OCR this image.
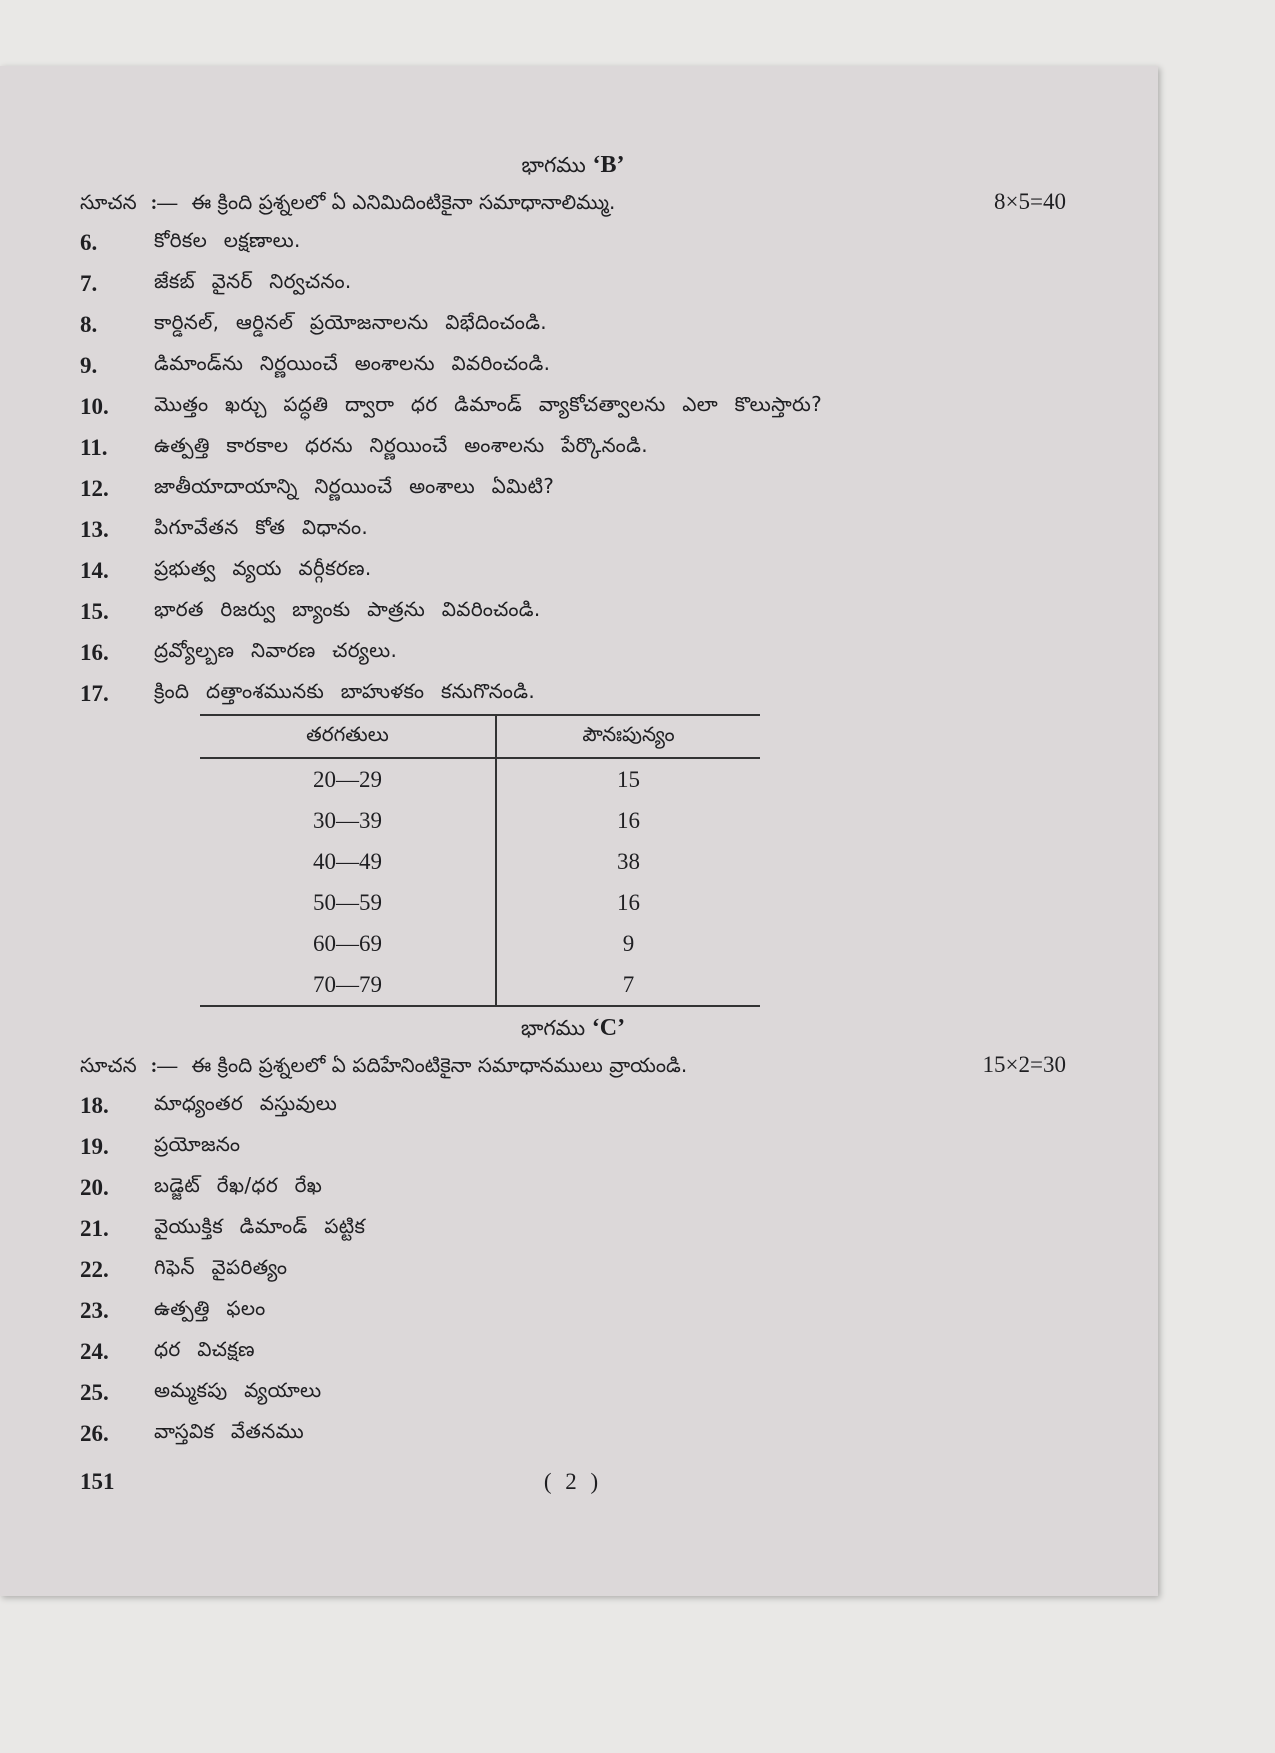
భాగము ‘B’
సూచన :— ఈ క్రింది ప్రశ్నలలో ఏ ఎనిమిదింటికైనా సమాధానాలిమ్ము.	8×5=40
6.	కోరికల లక్షణాలు.
7.	జేకబ్ వైనర్ నిర్వచనం.
8.	కార్డినల్, ఆర్డినల్ ప్రయోజనాలను విభేదించండి.
9.	డిమాండ్‌ను నిర్ణయించే అంశాలను వివరించండి.
10.	మొత్తం ఖర్చు పద్ధతి ద్వారా ధర డిమాండ్ వ్యాకోచత్వాలను ఎలా కొలుస్తారు?
11.	ఉత్పత్తి కారకాల ధరను నిర్ణయించే అంశాలను పేర్కొనండి.
12.	జాతీయాదాయాన్ని నిర్ణయించే అంశాలు ఏమిటి?
13.	పిగూవేతన కోత విధానం.
14.	ప్రభుత్వ వ్యయ వర్గీకరణ.
15.	భారత రిజర్వు బ్యాంకు పాత్రను వివరించండి.
16.	ద్రవ్యోల్బణ నివారణ చర్యలు.
17.	క్రింది దత్తాంశమునకు బాహుళకం కనుగొనండి.
తరగతులు	పౌనఃపున్యం
20—29	15
30—39	16
40—49	38
50—59	16
60—69	9
70—79	7
భాగము ‘C’
సూచన :— ఈ క్రింది ప్రశ్నలలో ఏ పదిహేనింటికైనా సమాధానములు వ్రాయండి.	15×2=30
18.	మాధ్యంతర వస్తువులు
19.	ప్రయోజనం
20.	బడ్జెట్ రేఖ/ధర రేఖ
21.	వైయుక్తిక డిమాండ్ పట్టిక
22.	గిఫెన్ వైపరిత్యం
23.	ఉత్పత్తి ఫలం
24.	ధర విచక్షణ
25.	అమ్మకపు వ్యయాలు
26.	వాస్తవిక వేతనము
151	( 2 )
